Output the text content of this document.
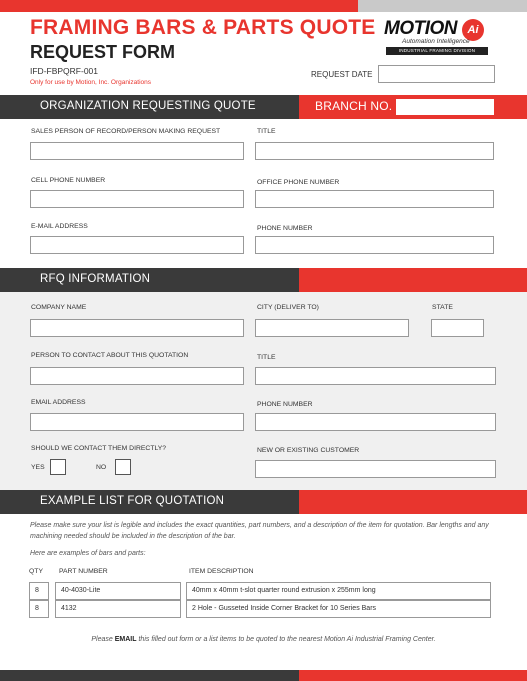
FRAMING BARS & PARTS QUOTE
REQUEST FORM
IFD-FBPQRF-001
Only for use by Motion, Inc. Organizations
MOTION Ai
Automation Intelligence
INDUSTRIAL FRAMING DIVISION
REQUEST DATE
ORGANIZATION REQUESTING QUOTE	BRANCH NO.
SALES PERSON OF RECORD/PERSON MAKING REQUEST	TITLE
CELL PHONE NUMBER	OFFICE PHONE NUMBER
E-MAIL ADDRESS	PHONE NUMBER
RFQ INFORMATION
COMPANY NAME	CITY (DELIVER TO)	STATE
PERSON TO CONTACT ABOUT THIS QUOTATION	TITLE
EMAIL ADDRESS	PHONE NUMBER
SHOULD WE CONTACT THEM DIRECTLY?
YES	NO
NEW OR EXISTING CUSTOMER
EXAMPLE LIST FOR QUOTATION
Please make sure your list is legible and includes the exact quantities, part numbers, and a description of the item for quotation. Bar lengths and any machining needed should be included in the description of the bar.
Here are examples of bars and parts:
QTY PART NUMBER	ITEM DESCRIPTION
8	40-4030-Lite	40mm x 40mm t-slot quarter round extrusion x 255mm long
8	4132	2 Hole - Gusseted Inside Corner Bracket for 10 Series Bars
Please EMAIL this filled out form or a list items to be quoted to the nearest Motion Ai Industrial Framing Center.
